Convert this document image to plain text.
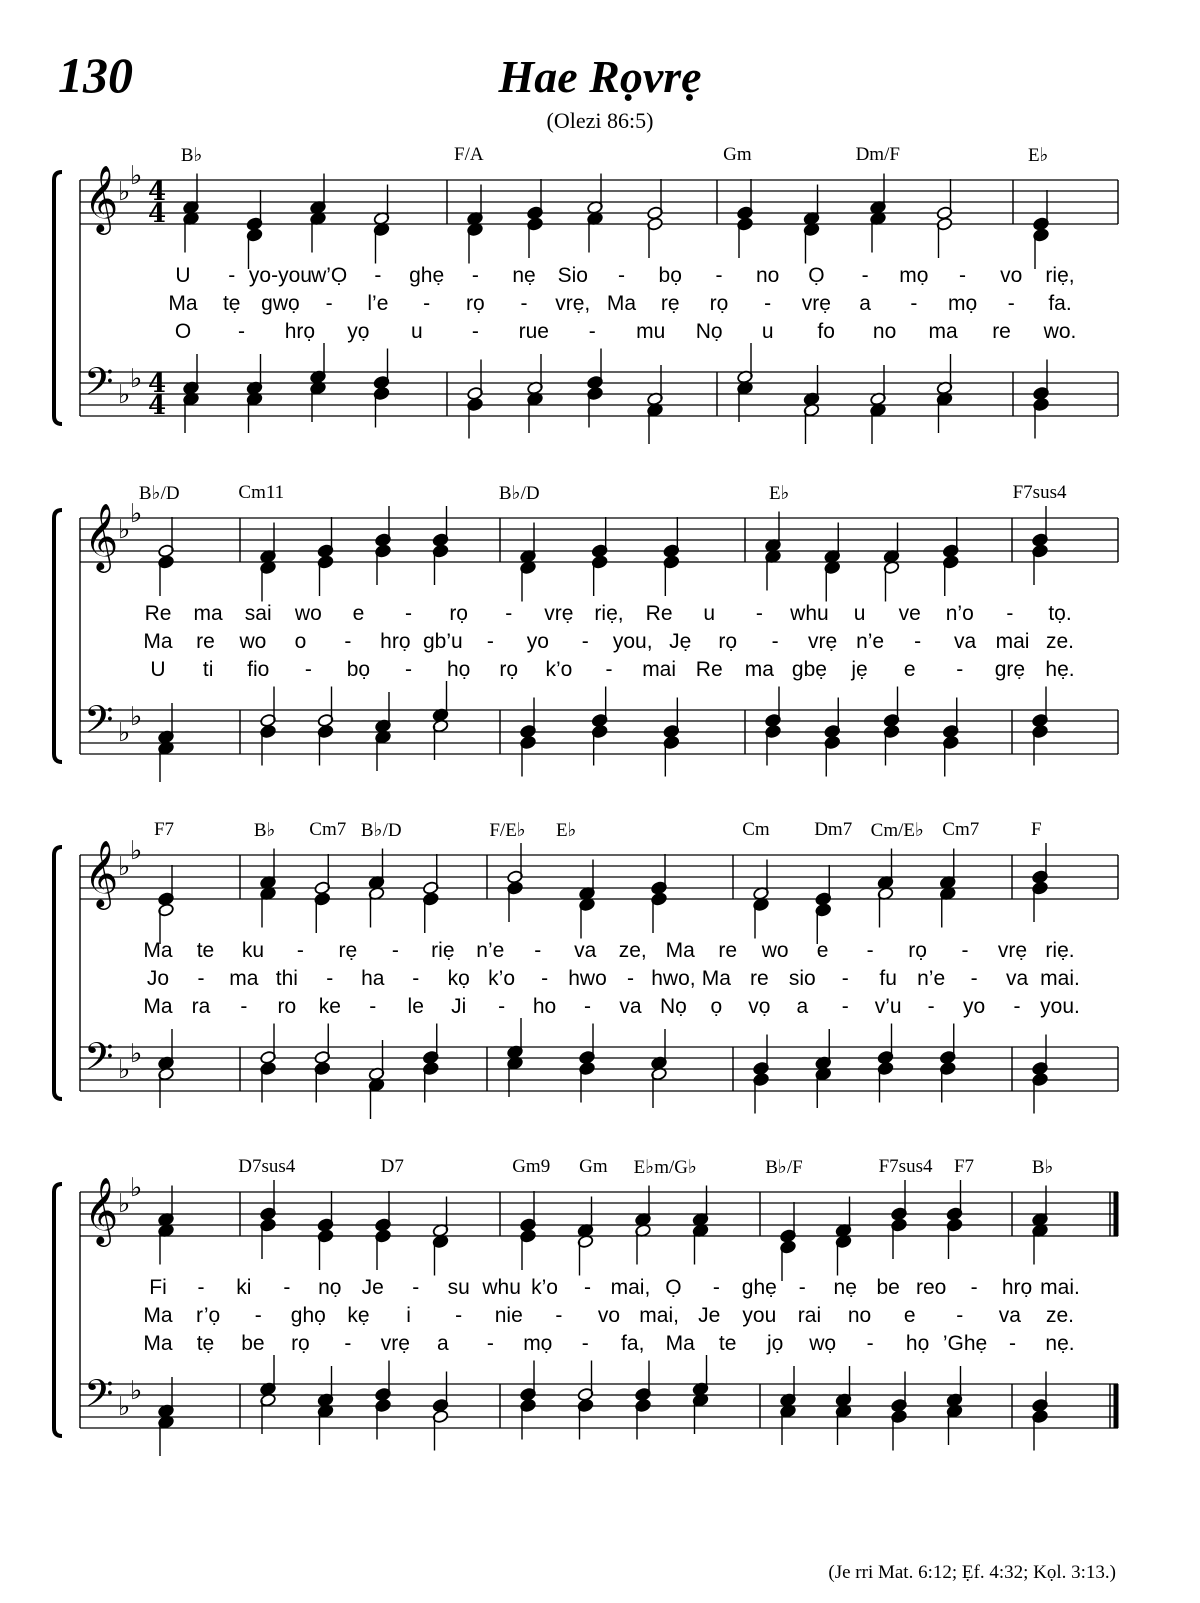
130	Hae Rọvrẹ
(Olezi 86:5)
𝄞 ♭
♭
4
4
𝄢 ♭
♭ 4
4
B♭	F/A	Gm	Dm/F	E♭
U - yo-you w’Ọ - ghẹ - nẹ Sio - bọ - no Ọ - mọ - vo riẹ,
Ma tẹ gwọ - l’e - rọ - vrẹ, Ma rẹ rọ - vrẹ a - mọ - fa.
O - hrọ yọ u - rue - mu Nọ u fo no ma re wo.
𝄞 ♭
♭
𝄢 ♭
♭
B♭/D	Cm11	B♭/D	E♭	F7sus4
Re ma sai wo e - rọ - vrẹ riẹ, Re u - whu u ve n’o - tọ.
Ma re wo o - hrọ gb’u - yo - you, Jẹ rọ - vrẹ n’e - va mai ze.
U ti fio - bọ - họ rọ k’o - mai Re ma gbẹ jẹ e - grẹ hẹ.
𝄞 ♭
♭
𝄢 ♭
♭
F7	B♭ Cm7 B♭/D	F/E♭ E♭	Cm Dm7 Cm/E♭ Cm7	F
Ma te ku - rẹ - riẹ n’e - va ze, Ma re wo e - rọ - vrẹ riẹ.
Jo - ma thi - ha - kọ k’o - hwo - hwo, Ma re sio - fu n’e - va mai.
Ma ra - ro ke - le Ji - ho - va Nọ ọ vọ a - v’u - yo - you.
𝄞 ♭
♭
𝄢 ♭
♭
D7sus4	D7	Gm9 Gm E♭m/G♭	B♭/F	F7sus4 F7	B♭
Fi - ki - nọ Je - su whu k’o - mai, Ọ - ghẹ - nẹ be reo - hrọ mai.
Ma r’ọ - ghọ kẹ i - nie - vo mai, Je you rai no e - va ze.
Ma tẹ be rọ - vrẹ a - mọ - fa, Ma te jọ wọ - họ ’Ghẹ - nẹ.
(Je rri Mat. 6:12; Ẹf. 4:32; Kọl. 3:13.)
